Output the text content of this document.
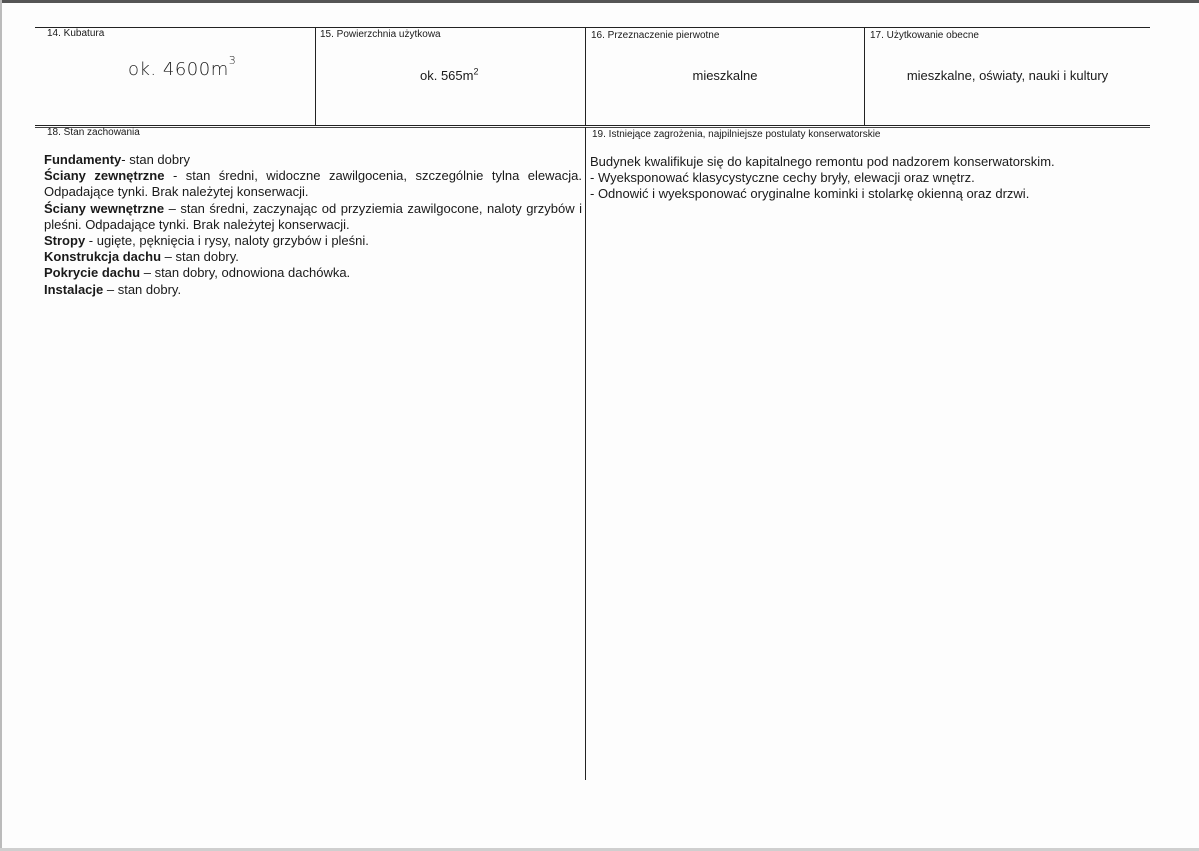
14. Kubatura
ok. $4600m^3$
15. Powierzchnia użytkowa
ok. $565m^2$
16. Przeznaczenie pierwotne
mieszkalne
17. Użytkowanie obecne
mieszkalne, oświaty, nauki i kultury
18. Stan zachowania

Fundamenty- stan dobry

Ściany zewnętrzne - stan średni, widoczne zawilgocenia, szczególnie tylna elewacja. Odpadające tynki. Brak należytej konserwacji.

Ściany wewnętrzne – stan średni, zaczynając od przyziemia zawilgocone, naloty grzybów i pleśni. Odpadające tynki. Brak należytej konserwacji.

Stropy - ugięte, pęknięcia i rysy, naloty grzybów i pleśni.

Konstrukcja dachu – stan dobry.

Pokrycie dachu – stan dobry, odnowiona dachówka.

Instalacje – stan dobry.

19. Istniejące zagrożenia, najpilniejsze postulaty konserwatorskie

Budynek kwalifikuje się do kapitalnego remontu pod nadzorem konserwatorskim.

- Wyeksponować klasycystyczne cechy bryły, elewacji oraz wnętrz.

- Odnowić i wyeksponować oryginalne kominki i stolarkę okienną oraz drzwi.
